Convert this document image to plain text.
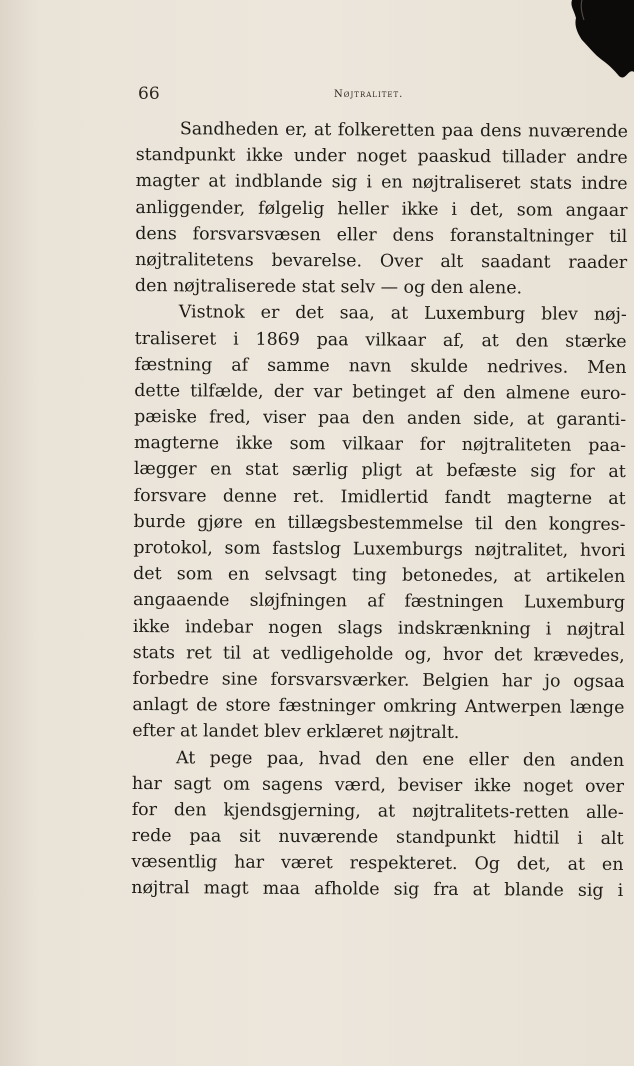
66	Nøjtralitet.
Sandheden er, at folkeretten paa dens nuværende
standpunkt ikke under noget paaskud tillader andre
magter at indblande sig i en nøjtraliseret stats indre
anliggender, følgelig heller ikke i det, som angaar
dens forsvarsvæsen eller dens foranstaltninger til
nøjtralitetens bevarelse. Over alt saadant raader
den nøjtraliserede stat selv — og den alene.
Vistnok er det saa, at Luxemburg blev nøj-
traliseret i 1869 paa vilkaar af, at den stærke
fæstning af samme navn skulde nedrives. Men
dette tilfælde, der var betinget af den almene euro-
pæiske fred, viser paa den anden side, at garanti-
magterne ikke som vilkaar for nøjtraliteten paa-
lægger en stat særlig pligt at befæste sig for at
forsvare denne ret. Imidlertid fandt magterne at
burde gjøre en tillægsbestemmelse til den kongres-
protokol, som fastslog Luxemburgs nøjtralitet, hvori
det som en selvsagt ting betonedes, at artikelen
angaaende sløjfningen af fæstningen Luxemburg
ikke indebar nogen slags indskrænkning i nøjtral
stats ret til at vedligeholde og, hvor det krævedes,
forbedre sine forsvarsværker. Belgien har jo ogsaa
anlagt de store fæstninger omkring Antwerpen længe
efter at landet blev erklæret nøjtralt.
At pege paa, hvad den ene eller den anden
har sagt om sagens værd, beviser ikke noget over
for den kjendsgjerning, at nøjtralitets-retten alle-
rede paa sit nuværende standpunkt hidtil i alt
væsentlig har været respekteret. Og det, at en
nøjtral magt maa afholde sig fra at blande sig i
